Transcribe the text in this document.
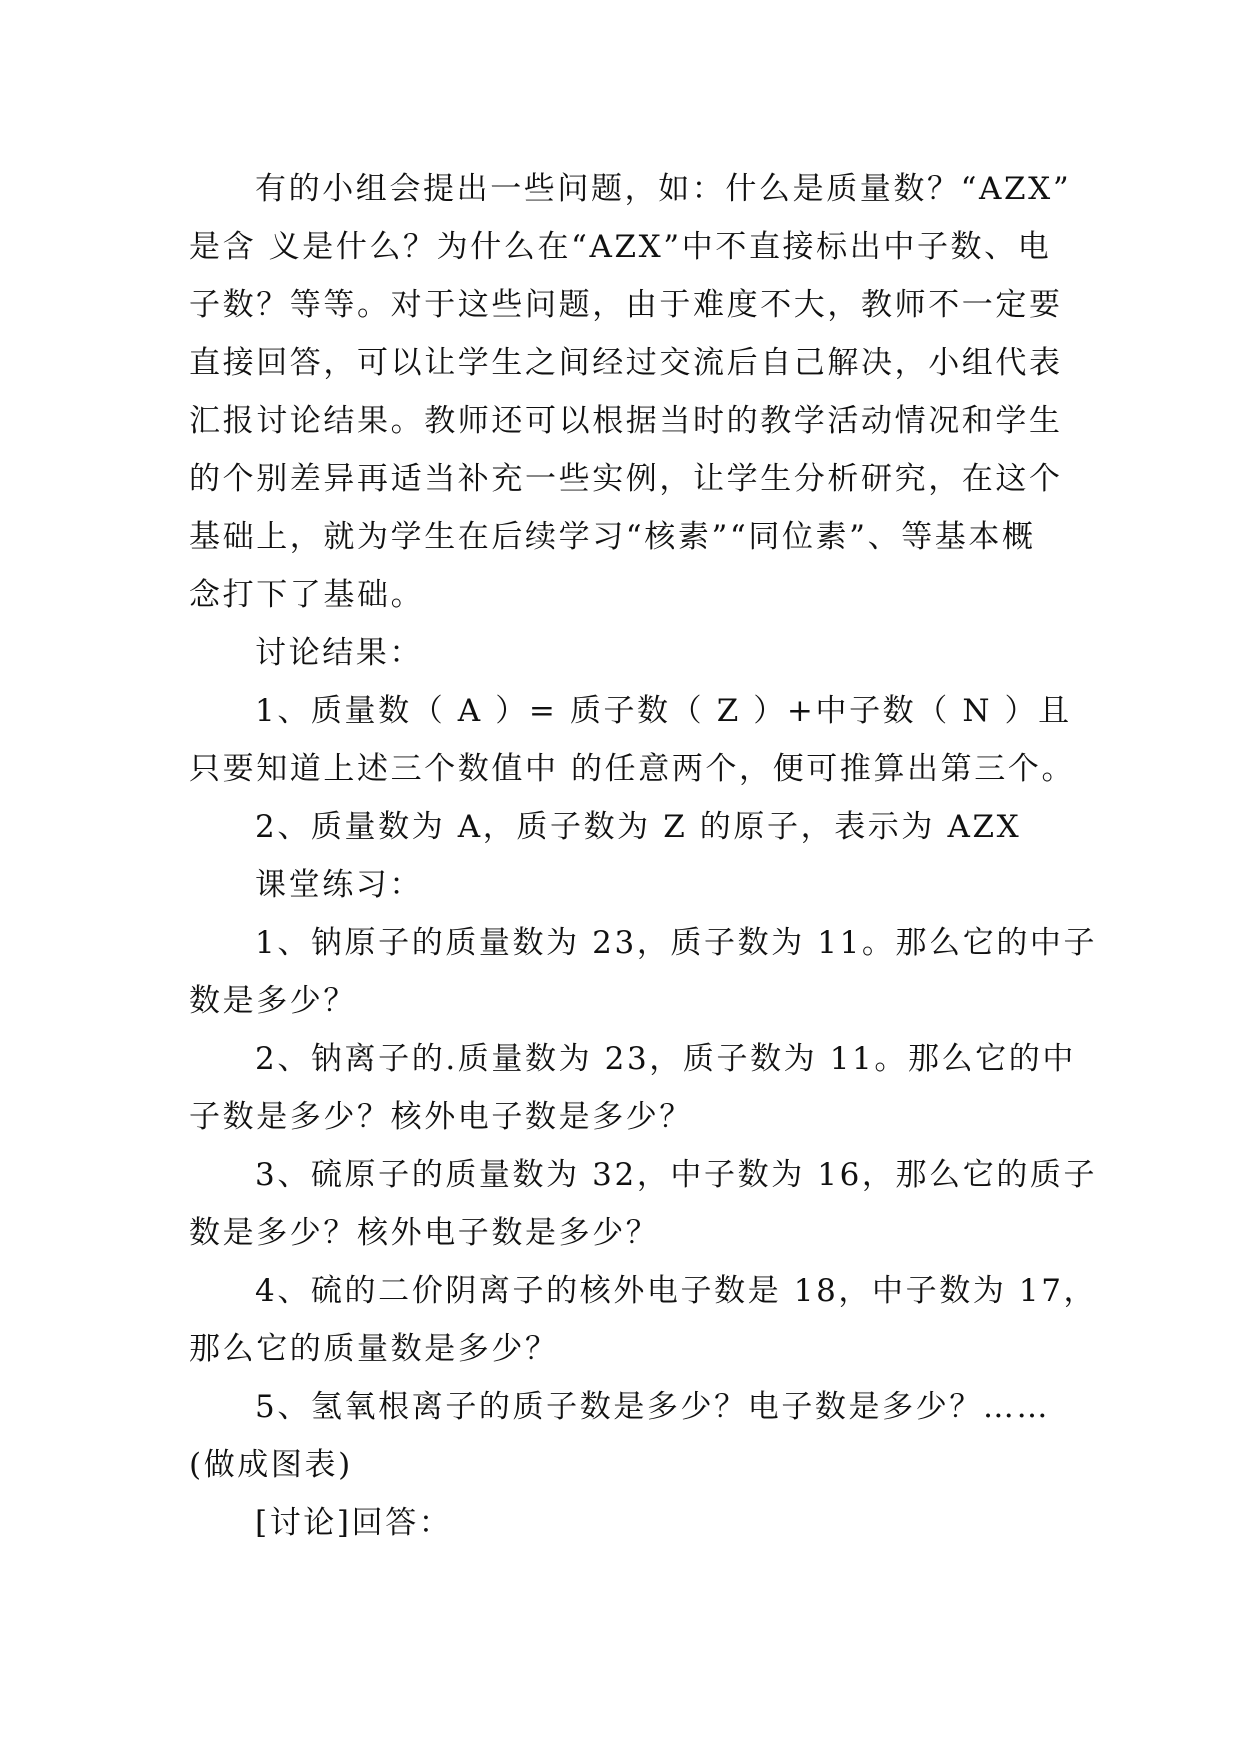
有的小组会提出一些问题，如：什么是质量数？“AZX”
是含 义是什么？为什么在“AZX”中不直接标出中子数、电
子数？等等。对于这些问题，由于难度不大，教师不一定要
直接回答，可以让学生之间经过交流后自己解决，小组代表
汇报讨论结果。教师还可以根据当时的教学活动情况和学生
的个别差异再适当补充一些实例，让学生分析研究，在这个
基础上，就为学生在后续学习“核素”“同位素”、等基本概
念打下了基础。
讨论结果：
1、质量数（ A ）= 质子数（ Z ）+中子数（ N ）且
只要知道上述三个数值中 的任意两个，便可推算出第三个。
2、质量数为 A，质子数为 Z 的原子，表示为 AZX
课堂练习：
1、钠原子的质量数为 23，质子数为 11。那么它的中子
数是多少？
2、钠离子的.质量数为 23，质子数为 11。那么它的中
子数是多少？核外电子数是多少？
3、硫原子的质量数为 32，中子数为 16，那么它的质子
数是多少？核外电子数是多少？
4、硫的二价阴离子的核外电子数是 18，中子数为 17，
那么它的质量数是多少？
5、氢氧根离子的质子数是多少？电子数是多少？……
(做成图表)
[讨论]回答：
